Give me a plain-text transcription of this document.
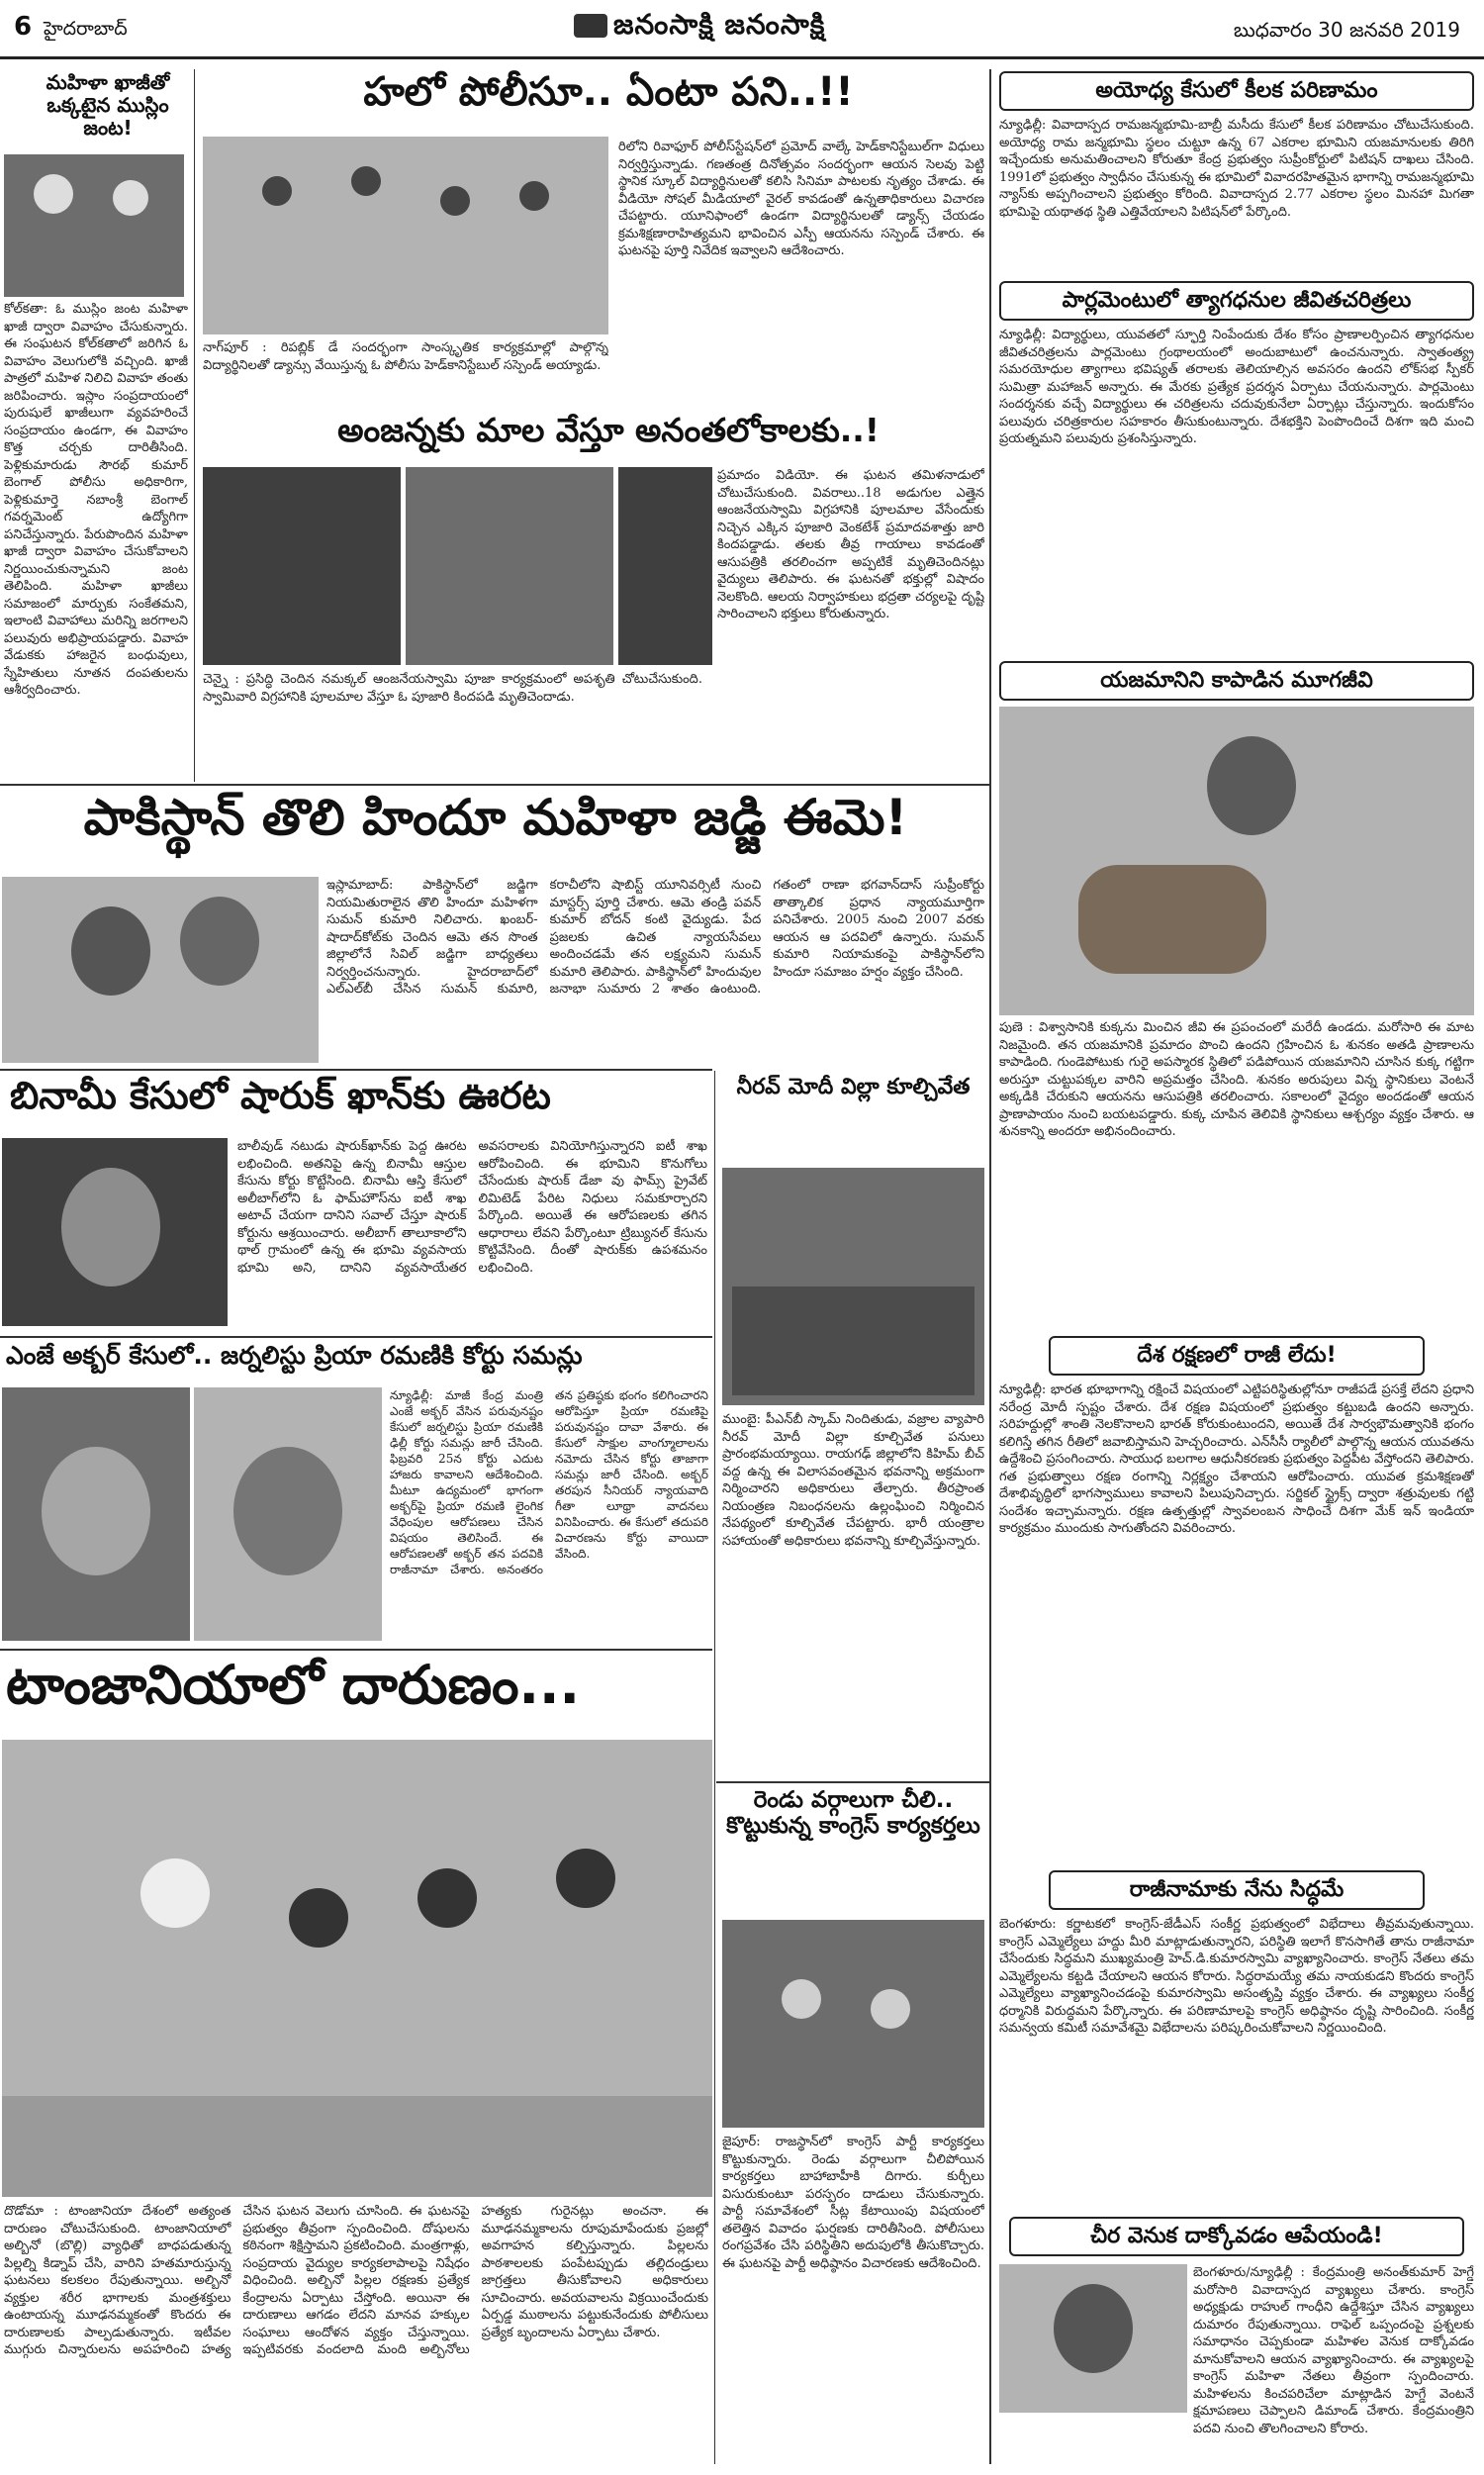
6 హైదరాబాద్	జనంసాక్షి జనంసాక్షి	బుధవారం 30 జనవరి 2019
మహిళా ఖాజీతో ఒక్కటైన ముస్లిం జంట!
కోల్‌కతా: ఓ ముస్లిం జంట మహిళా ఖాజీ ద్వారా వివాహం చేసుకున్నారు. ఈ సంఘటన కోల్‌కతాలో జరిగిన ఓ వివాహం వెలుగులోకి వచ్చింది. ఖాజీ పాత్రలో మహిళ నిలిచి వివాహ తంతు జరిపించారు. ఇస్లాం సంప్రదాయంలో పురుషులే ఖాజీలుగా వ్యవహరించే సంప్రదాయం ఉండగా, ఈ వివాహం కొత్త చర్చకు దారితీసింది. పెళ్లికుమారుడు సౌరభ్ కుమార్ బెంగాల్ పోలీసు అధికారిగా, పెళ్లికుమార్తె నబాంశ్రీ బెంగాల్ గవర్నమెంట్ ఉద్యోగిగా పనిచేస్తున్నారు. పేరుపొందిన మహిళా ఖాజీ ద్వారా వివాహం చేసుకోవాలని నిర్ణయించుకున్నామని జంట తెలిపింది. మహిళా ఖాజీలు సమాజంలో మార్పుకు సంకేతమని, ఇలాంటి వివాహాలు మరిన్ని జరగాలని పలువురు అభిప్రాయపడ్డారు. వివాహ వేడుకకు హాజరైన బంధువులు, స్నేహితులు నూతన దంపతులను ఆశీర్వదించారు.
హలో పోలీసూ.. ఏంటా పని..!!
నాగ్‌పూర్ : రిపబ్లిక్ డే సందర్భంగా సాంస్కృతిక కార్యక్రమాల్లో పాల్గొన్న విద్యార్థినిలతో డ్యాన్సు వేయిస్తున్న ఓ పోలీసు హెడ్‌కానిస్టేబుల్ సస్పెండ్ అయ్యాడు.
రిలోని రివాఫూర్ పోలీస్‌స్టేషన్‌లో ప్రమోద్ వాల్కే హెడ్‌కానిస్టేబుల్‌గా విధులు నిర్వర్తిస్తున్నాడు. గణతంత్ర దినోత్సవం సందర్భంగా ఆయన సెలవు పెట్టి స్థానిక స్కూల్ విద్యార్థినులతో కలిసి సినిమా పాటలకు నృత్యం చేశాడు. ఈ వీడియో సోషల్ మీడియాలో వైరల్ కావడంతో ఉన్నతాధికారులు విచారణ చేపట్టారు. యూనిఫాంలో ఉండగా విద్యార్థినులతో డ్యాన్స్ చేయడం క్రమశిక్షణారాహిత్యమని భావించిన ఎస్పీ ఆయనను సస్పెండ్ చేశారు. ఈ ఘటనపై పూర్తి నివేదిక ఇవ్వాలని ఆదేశించారు.
అంజన్నకు మాల వేస్తూ అనంతలోకాలకు..!
చెన్నై : ప్రసిద్ధి చెందిన నమక్కల్ ఆంజనేయస్వామి పూజా కార్యక్రమంలో అపశృతి చోటుచేసుకుంది. స్వామివారి విగ్రహానికి పూలమాల వేస్తూ ఓ పూజారి కిందపడి మృతిచెందాడు.
ప్రమాదం విడియో. ఈ ఘటన తమిళనాడులో చోటుచేసుకుంది. వివరాలు..18 అడుగుల ఎత్తైన ఆంజనేయస్వామి విగ్రహానికి పూలమాల వేసేందుకు నిచ్చెన ఎక్కిన పూజారి వెంకటేశ్ ప్రమాదవశాత్తు జారి కిందపడ్డాడు. తలకు తీవ్ర గాయాలు కావడంతో ఆసుపత్రికి తరలించగా అప్పటికే మృతిచెందినట్లు వైద్యులు తెలిపారు. ఈ ఘటనతో భక్తుల్లో విషాదం నెలకొంది. ఆలయ నిర్వాహకులు భద్రతా చర్యలపై దృష్టి సారించాలని భక్తులు కోరుతున్నారు.
పాకిస్థాన్ తొలి హిందూ మహిళా జడ్జి ఈమె!
ఇస్లామాబాద్: పాకిస్థాన్‌లో జడ్జిగా నియమితురాలైన తొలి హిందూ మహిళగా సుమన్ కుమారి నిలిచారు. ఖంబర్-షాదాద్‌కోట్‌కు చెందిన ఆమె తన సొంత జిల్లాలోనే సివిల్ జడ్జిగా బాధ్యతలు నిర్వర్తించనున్నారు. హైదరాబాద్‌లో ఎల్ఎల్‌బీ చేసిన సుమన్ కుమారి, కరాచీలోని షాబిస్ట్ యూనివర్సిటీ నుంచి మాస్టర్స్ పూర్తి చేశారు. ఆమె తండ్రి పవన్ కుమార్ బోదన్ కంటి వైద్యుడు. పేద ప్రజలకు ఉచిత న్యాయసేవలు అందించడమే తన లక్ష్యమని సుమన్ కుమారి తెలిపారు. పాకిస్థాన్‌లో హిందువుల జనాభా సుమారు 2 శాతం ఉంటుంది. గతంలో రాణా భగవాన్‌దాస్ సుప్రీంకోర్టు తాత్కాలిక ప్రధాన న్యాయమూర్తిగా పనిచేశారు. 2005 నుంచి 2007 వరకు ఆయన ఆ పదవిలో ఉన్నారు. సుమన్ కుమారి నియామకంపై పాకిస్థాన్‌లోని హిందూ సమాజం హర్షం వ్యక్తం చేసింది.
బినామీ కేసులో షారుక్ ఖాన్‌కు ఊరట
బాలీవుడ్ నటుడు షారుక్‌ఖాన్‌కు పెద్ద ఊరట లభించింది. అతనిపై ఉన్న బినామీ ఆస్తుల కేసును కోర్టు కొట్టేసింది. బినామీ ఆస్తి కేసులో అలీబాగ్‌లోని ఓ ఫామ్‌హౌస్‌ను ఐటీ శాఖ అటాచ్ చేయగా దానిని సవాల్ చేస్తూ షారుక్ కోర్టును ఆశ్రయించారు. అలీబాగ్ తాలూకాలోని థాల్ గ్రామంలో ఉన్న ఈ భూమి వ్యవసాయ భూమి అని, దానిని వ్యవసాయేతర అవసరాలకు వినియోగిస్తున్నారని ఐటీ శాఖ ఆరోపించింది. ఈ భూమిని కొనుగోలు చేసేందుకు షారుక్ డేజా వు ఫామ్స్ ప్రైవేట్ లిమిటెడ్ పేరిట నిధులు సమకూర్చారని పేర్కొంది. అయితే ఈ ఆరోపణలకు తగిన ఆధారాలు లేవని పేర్కొంటూ ట్రిబ్యునల్ కేసును కొట్టివేసింది. దీంతో షారుక్‌కు ఉపశమనం లభించింది.
నీరవ్ మోదీ విల్లా కూల్చివేత
ముంబై: పీఎన్‌బీ స్కామ్ నిందితుడు, వజ్రాల వ్యాపారి నీరవ్ మోదీ విల్లా కూల్చివేత పనులు ప్రారంభమయ్యాయి. రాయగఢ్ జిల్లాలోని కిహిమ్ బీచ్ వద్ద ఉన్న ఈ విలాసవంతమైన భవనాన్ని అక్రమంగా నిర్మించారని అధికారులు తేల్చారు. తీరప్రాంత నియంత్రణ నిబంధనలను ఉల్లంఘించి నిర్మించిన నేపథ్యంలో కూల్చివేత చేపట్టారు. భారీ యంత్రాల సహాయంతో అధికారులు భవనాన్ని కూల్చివేస్తున్నారు.
ఎంజే అక్బర్ కేసులో.. జర్నలిస్టు ప్రియా రమణికి కోర్టు సమన్లు
న్యూఢిల్లీ: మాజీ కేంద్ర మంత్రి ఎంజే అక్బర్ వేసిన పరువునష్టం కేసులో జర్నలిస్టు ప్రియా రమణికి ఢిల్లీ కోర్టు సమన్లు జారీ చేసింది. ఫిబ్రవరి 25న కోర్టు ఎదుట హాజరు కావాలని ఆదేశించింది. మీటూ ఉద్యమంలో భాగంగా అక్బర్‌పై ప్రియా రమణి లైంగిక వేధింపుల ఆరోపణలు చేసిన విషయం తెలిసిందే. ఈ ఆరోపణలతో అక్బర్ తన పదవికి రాజీనామా చేశారు. అనంతరం తన ప్రతిష్ఠకు భంగం కలిగించారని ఆరోపిస్తూ ప్రియా రమణిపై పరువునష్టం దావా వేశారు. ఈ కేసులో సాక్షుల వాంగ్మూలాలను నమోదు చేసిన కోర్టు తాజాగా సమన్లు జారీ చేసింది. అక్బర్ తరపున సీనియర్ న్యాయవాది గీతా లూథ్రా వాదనలు వినిపించారు. ఈ కేసులో తదుపరి విచారణను కోర్టు వాయిదా వేసింది.
టాంజానియాలో దారుణం...
దొడోమా : టాంజానియా దేశంలో అత్యంత దారుణం చోటుచేసుకుంది. టాంజానియాలో అల్బినో (బొల్లి) వ్యాధితో బాధపడుతున్న పిల్లల్ని కిడ్నాప్ చేసి, వారిని హతమారుస్తున్న ఘటనలు కలకలం రేపుతున్నాయి. అల్బినో వ్యక్తుల శరీర భాగాలకు మంత్రశక్తులు ఉంటాయన్న మూఢనమ్మకంతో కొందరు ఈ దారుణాలకు పాల్పడుతున్నారు. ఇటీవల ముగ్గురు చిన్నారులను అపహరించి హత్య చేసిన ఘటన వెలుగు చూసింది. ఈ ఘటనపై ప్రభుత్వం తీవ్రంగా స్పందించింది. దోషులను కఠినంగా శిక్షిస్తామని ప్రకటించింది. మంత్రగాళ్లు, సంప్రదాయ వైద్యుల కార్యకలాపాలపై నిషేధం విధించింది. అల్బినో పిల్లల రక్షణకు ప్రత్యేక కేంద్రాలను ఏర్పాటు చేస్తోంది. అయినా ఈ దారుణాలు ఆగడం లేదని మానవ హక్కుల సంఘాలు ఆందోళన వ్యక్తం చేస్తున్నాయి. ఇప్పటివరకు వందలాది మంది అల్బినోలు హత్యకు గురైనట్లు అంచనా. ఈ మూఢనమ్మకాలను రూపుమాపేందుకు ప్రజల్లో అవగాహన కల్పిస్తున్నారు. పిల్లలను పాఠశాలలకు పంపేటప్పుడు తల్లిదండ్రులు జాగ్రత్తలు తీసుకోవాలని అధికారులు సూచించారు. అవయవాలను విక్రయించేందుకు ఏర్పడ్డ ముఠాలను పట్టుకునేందుకు పోలీసులు ప్రత్యేక బృందాలను ఏర్పాటు చేశారు.
రెండు వర్గాలుగా చీలి.. కొట్టుకున్న కాంగ్రెస్ కార్యకర్తలు
జైపూర్: రాజస్థాన్‌లో కాంగ్రెస్ పార్టీ కార్యకర్తలు కొట్టుకున్నారు. రెండు వర్గాలుగా చీలిపోయిన కార్యకర్తలు బాహాబాహీకి దిగారు. కుర్చీలు విసురుకుంటూ పరస్పరం దాడులు చేసుకున్నారు. పార్టీ సమావేశంలో సీట్ల కేటాయింపు విషయంలో తలెత్తిన వివాదం ఘర్షణకు దారితీసింది. పోలీసులు రంగప్రవేశం చేసి పరిస్థితిని అదుపులోకి తీసుకొచ్చారు. ఈ ఘటనపై పార్టీ అధిష్ఠానం విచారణకు ఆదేశించింది.
అయోధ్య కేసులో కీలక పరిణామం
న్యూఢిల్లీ: వివాదాస్పద రామజన్మభూమి-బాబ్రీ మసీదు కేసులో కీలక పరిణామం చోటుచేసుకుంది. అయోధ్య రామ జన్మభూమి స్థలం చుట్టూ ఉన్న 67 ఎకరాల భూమిని యజమానులకు తిరిగి ఇచ్చేందుకు అనుమతించాలని కోరుతూ కేంద్ర ప్రభుత్వం సుప్రీంకోర్టులో పిటిషన్ దాఖలు చేసింది. 1991లో ప్రభుత్వం స్వాధీనం చేసుకున్న ఈ భూమిలో వివాదరహితమైన భాగాన్ని రామజన్మభూమి న్యాస్‌కు అప్పగించాలని ప్రభుత్వం కోరింది. వివాదాస్పద 2.77 ఎకరాల స్థలం మినహా మిగతా భూమిపై యథాతథ స్థితి ఎత్తివేయాలని పిటిషన్‌లో పేర్కొంది.
పార్లమెంటులో త్యాగధనుల జీవితచరిత్రలు
న్యూఢిల్లీ: విద్యార్థులు, యువతలో స్ఫూర్తి నింపేందుకు దేశం కోసం ప్రాణాలర్పించిన త్యాగధనుల జీవితచరిత్రలను పార్లమెంటు గ్రంథాలయంలో అందుబాటులో ఉంచనున్నారు. స్వాతంత్య్ర సమరయోధుల త్యాగాలు భవిష్యత్ తరాలకు తెలియాల్సిన అవసరం ఉందని లోక్‌సభ స్పీకర్ సుమిత్రా మహాజన్ అన్నారు. ఈ మేరకు ప్రత్యేక ప్రదర్శన ఏర్పాటు చేయనున్నారు. పార్లమెంటు సందర్శనకు వచ్చే విద్యార్థులు ఈ చరిత్రలను చదువుకునేలా ఏర్పాట్లు చేస్తున్నారు. ఇందుకోసం పలువురు చరిత్రకారుల సహకారం తీసుకుంటున్నారు. దేశభక్తిని పెంపొందించే దిశగా ఇది మంచి ప్రయత్నమని పలువురు ప్రశంసిస్తున్నారు.
యజమానిని కాపాడిన మూగజీవి
పుణె : విశ్వాసానికి కుక్కను మించిన జీవి ఈ ప్రపంచంలో మరేదీ ఉండదు. మరోసారి ఈ మాట నిజమైంది. తన యజమానికి ప్రమాదం పొంచి ఉందని గ్రహించిన ఓ శునకం అతడి ప్రాణాలను కాపాడింది. గుండెపోటుకు గురై అపస్మారక స్థితిలో పడిపోయిన యజమానిని చూసిన కుక్క గట్టిగా అరుస్తూ చుట్టుపక్కల వారిని అప్రమత్తం చేసింది. శునకం అరుపులు విన్న స్థానికులు వెంటనే అక్కడికి చేరుకుని ఆయనను ఆసుపత్రికి తరలించారు. సకాలంలో వైద్యం అందడంతో ఆయన ప్రాణాపాయం నుంచి బయటపడ్డారు. కుక్క చూపిన తెలివికి స్థానికులు ఆశ్చర్యం వ్యక్తం చేశారు. ఆ శునకాన్ని అందరూ అభినందించారు.
దేశ రక్షణలో రాజీ లేదు!
న్యూఢిల్లీ: భారత భూభాగాన్ని రక్షించే విషయంలో ఎట్టిపరిస్థితుల్లోనూ రాజీపడే ప్రసక్తే లేదని ప్రధాని నరేంద్ర మోదీ స్పష్టం చేశారు. దేశ రక్షణ విషయంలో ప్రభుత్వం కట్టుబడి ఉందని అన్నారు. సరిహద్దుల్లో శాంతి నెలకొనాలని భారత్ కోరుకుంటుందని, అయితే దేశ సార్వభౌమత్వానికి భంగం కలిగిస్తే తగిన రీతిలో జవాబిస్తామని హెచ్చరించారు. ఎన్‌సీసీ ర్యాలీలో పాల్గొన్న ఆయన యువతను ఉద్దేశించి ప్రసంగించారు. సాయుధ బలగాల ఆధునీకరణకు ప్రభుత్వం పెద్దపీట వేస్తోందని తెలిపారు. గత ప్రభుత్వాలు రక్షణ రంగాన్ని నిర్లక్ష్యం చేశాయని ఆరోపించారు. యువత క్రమశిక్షణతో దేశాభివృద్ధిలో భాగస్వాములు కావాలని పిలుపునిచ్చారు. సర్జికల్ స్ట్రైక్స్ ద్వారా శత్రువులకు గట్టి సందేశం ఇచ్చామన్నారు. రక్షణ ఉత్పత్తుల్లో స్వావలంబన సాధించే దిశగా మేక్ ఇన్ ఇండియా కార్యక్రమం ముందుకు సాగుతోందని వివరించారు.
రాజీనామాకు నేను సిద్ధమే
బెంగళూరు: కర్ణాటకలో కాంగ్రెస్-జేడీఎస్ సంకీర్ణ ప్రభుత్వంలో విభేదాలు తీవ్రమవుతున్నాయి. కాంగ్రెస్ ఎమ్మెల్యేలు హద్దు మీరి మాట్లాడుతున్నారని, పరిస్థితి ఇలాగే కొనసాగితే తాను రాజీనామా చేసేందుకు సిద్ధమని ముఖ్యమంత్రి హెచ్.డి.కుమారస్వామి వ్యాఖ్యానించారు. కాంగ్రెస్ నేతలు తమ ఎమ్మెల్యేలను కట్టడి చేయాలని ఆయన కోరారు. సిద్ధరామయ్యే తమ నాయకుడని కొందరు కాంగ్రెస్ ఎమ్మెల్యేలు వ్యాఖ్యానించడంపై కుమారస్వామి అసంతృప్తి వ్యక్తం చేశారు. ఈ వ్యాఖ్యలు సంకీర్ణ ధర్మానికి విరుద్ధమని పేర్కొన్నారు. ఈ పరిణామాలపై కాంగ్రెస్ అధిష్ఠానం దృష్టి సారించింది. సంకీర్ణ సమన్వయ కమిటీ సమావేశమై విభేదాలను పరిష్కరించుకోవాలని నిర్ణయించింది.
చీర వెనుక దాక్కోవడం ఆపేయండి!
బెంగళూరు/న్యూఢిల్లీ : కేంద్రమంత్రి అనంత్‌కుమార్ హెగ్డే మరోసారి వివాదాస్పద వ్యాఖ్యలు చేశారు. కాంగ్రెస్ అధ్యక్షుడు రాహుల్ గాంధీని ఉద్దేశిస్తూ చేసిన వ్యాఖ్యలు దుమారం రేపుతున్నాయి. రాఫెల్ ఒప్పందంపై ప్రశ్నలకు సమాధానం చెప్పకుండా మహిళల వెనుక దాక్కోవడం మానుకోవాలని ఆయన వ్యాఖ్యానించారు. ఈ వ్యాఖ్యలపై కాంగ్రెస్ మహిళా నేతలు తీవ్రంగా స్పందించారు. మహిళలను కించపరిచేలా మాట్లాడిన హెగ్డే వెంటనే క్షమాపణలు చెప్పాలని డిమాండ్ చేశారు. కేంద్రమంత్రిని పదవి నుంచి తొలగించాలని కోరారు.
